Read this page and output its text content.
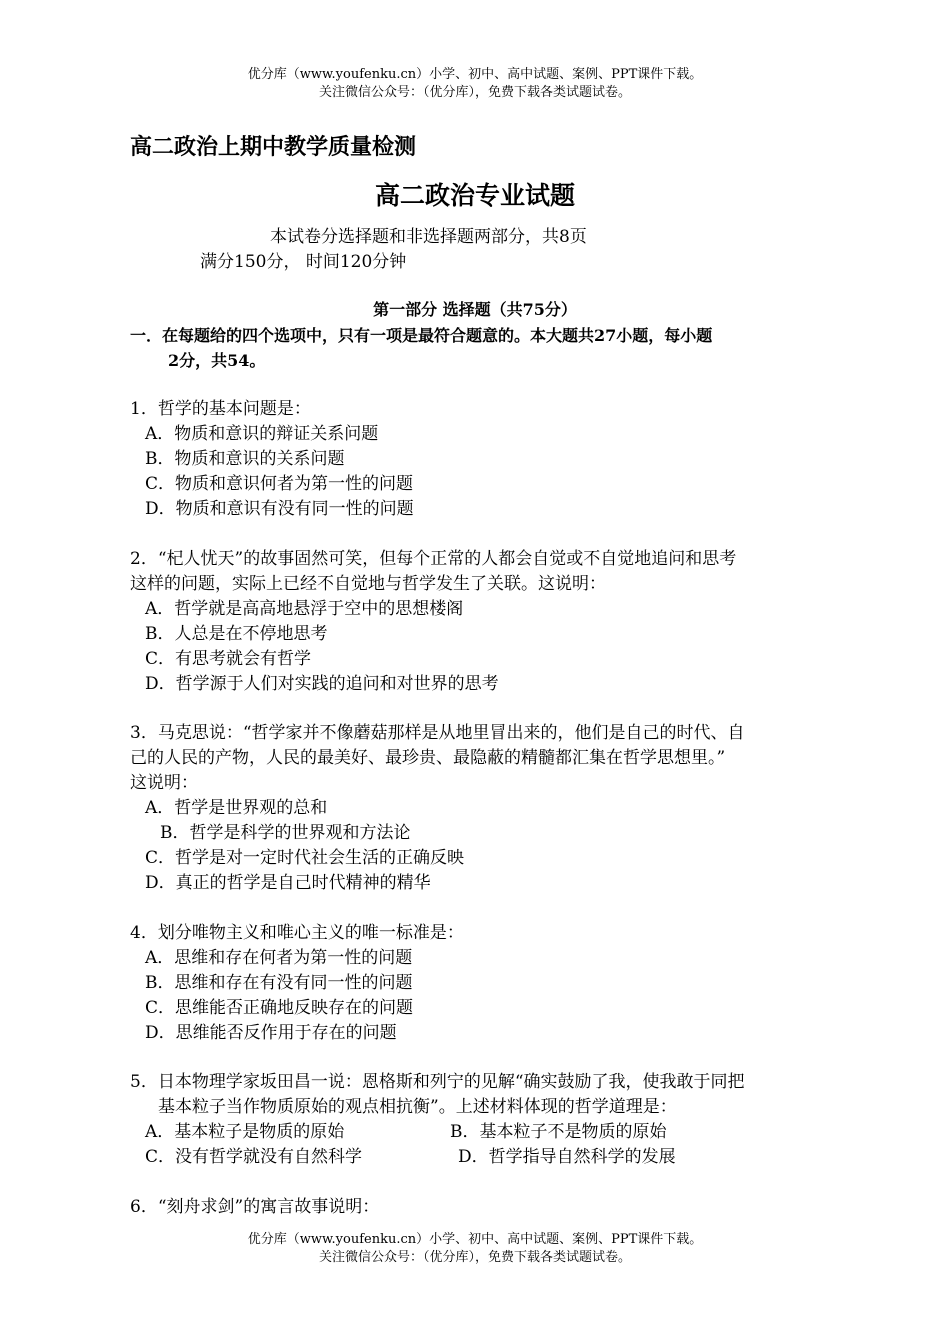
优分库（www.youfenku.cn）小学、初中、高中试题、案例、PPT课件下载。
关注微信公众号：（优分库），免费下载各类试题试卷。
高二政治上期中教学质量检测
高二政治专业试题
本试卷分选择题和非选择题两部分，共8页
满分150分， 时间120分钟
第一部分 选择题（共75分）
一．在每题给的四个选项中，只有一项是最符合题意的。本大题共27小题，每小题
2分，共54。
1．哲学的基本问题是：
A．物质和意识的辩证关系问题
B．物质和意识的关系问题
C．物质和意识何者为第一性的问题
D．物质和意识有没有同一性的问题
2．“杞人忧天”的故事固然可笑，但每个正常的人都会自觉或不自觉地追问和思考
这样的问题，实际上已经不自觉地与哲学发生了关联。这说明：
A．哲学就是高高地悬浮于空中的思想楼阁
B．人总是在不停地思考
C．有思考就会有哲学
D．哲学源于人们对实践的追问和对世界的思考
3．马克思说：“哲学家并不像蘑菇那样是从地里冒出来的，他们是自己的时代、自
己的人民的产物，人民的最美好、最珍贵、最隐蔽的精髓都汇集在哲学思想里。”
这说明：
A．哲学是世界观的总和
B．哲学是科学的世界观和方法论
C．哲学是对一定时代社会生活的正确反映
D．真正的哲学是自己时代精神的精华
4．划分唯物主义和唯心主义的唯一标准是：
A．思维和存在何者为第一性的问题
B．思维和存在有没有同一性的问题
C．思维能否正确地反映存在的问题
D．思维能否反作用于存在的问题
5．日本物理学家坂田昌一说：恩格斯和列宁的见解“确实鼓励了我，使我敢于同把
基本粒子当作物质原始的观点相抗衡”。上述材料体现的哲学道理是：
A．基本粒子是物质的原始	B．基本粒子不是物质的原始
C．没有哲学就没有自然科学	D．哲学指导自然科学的发展
6．“刻舟求剑”的寓言故事说明：
优分库（www.youfenku.cn）小学、初中、高中试题、案例、PPT课件下载。
关注微信公众号：（优分库），免费下载各类试题试卷。
